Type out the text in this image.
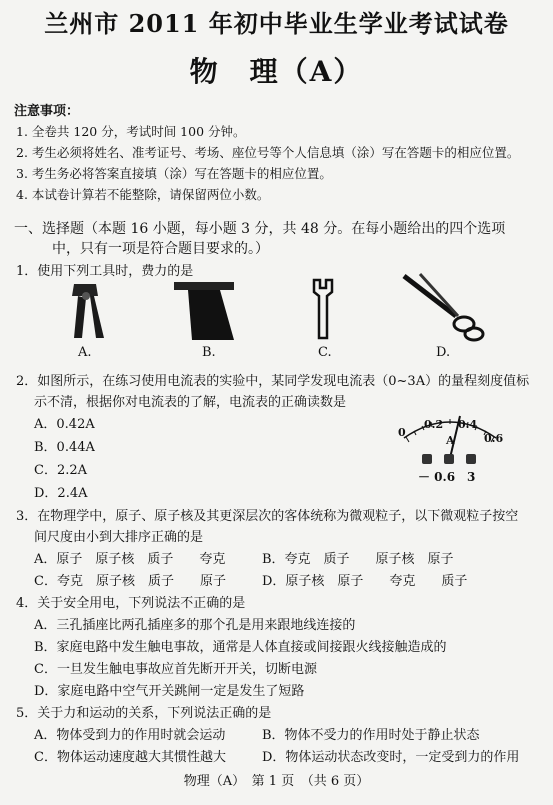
兰州市 2011 年初中毕业生学业考试试卷
物　理（A）
注意事项：
1. 全卷共 120 分，考试时间 100 分钟。
2. 考生必须将姓名、准考证号、考场、座位号等个人信息填（涂）写在答题卡的相应位置。
3. 考生务必将答案直接填（涂）写在答题卡的相应位置。
4. 本试卷计算若不能整除，请保留两位小数。
一、选择题（本题 16 小题，每小题 3 分，共 48 分。在每小题给出的四个选项
中，只有一项是符合题目要求的。）
1．使用下列工具时，费力的是
A.	B.	C.	D.
2．如图所示，在练习使用电流表的实验中，某同学发现电流表（0~3A）的量程刻度值标
示不清，根据你对电流表的了解，电流表的正确读数是
A．0.42A
B．0.44A
C．2.2A
D．2.4A
0
0.2 0.4
0.6
A
－ 0.6　3
3．在物理学中，原子、原子核及其更深层次的客体统称为微观粒子，以下微观粒子按空
间尺度由小到大排序正确的是
A．原子　原子核　质子　　夸克	B．夸克　质子　　原子核　原子
C．夸克　原子核　质子　　原子	D．原子核　原子　　夸克　　质子
4．关于安全用电，下列说法不正确的是
A．三孔插座比两孔插座多的那个孔是用来跟地线连接的
B．家庭电路中发生触电事故，通常是人体直接或间接跟火线接触造成的
C．一旦发生触电事故应首先断开开关，切断电源
D．家庭电路中空气开关跳闸一定是发生了短路
5．关于力和运动的关系，下列说法正确的是
A．物体受到力的作用时就会运动	B．物体不受力的作用时处于静止状态
C．物体运动速度越大其惯性越大	D．物体运动状态改变时，一定受到力的作用
物理（A）　第 1 页　（共 6 页）
